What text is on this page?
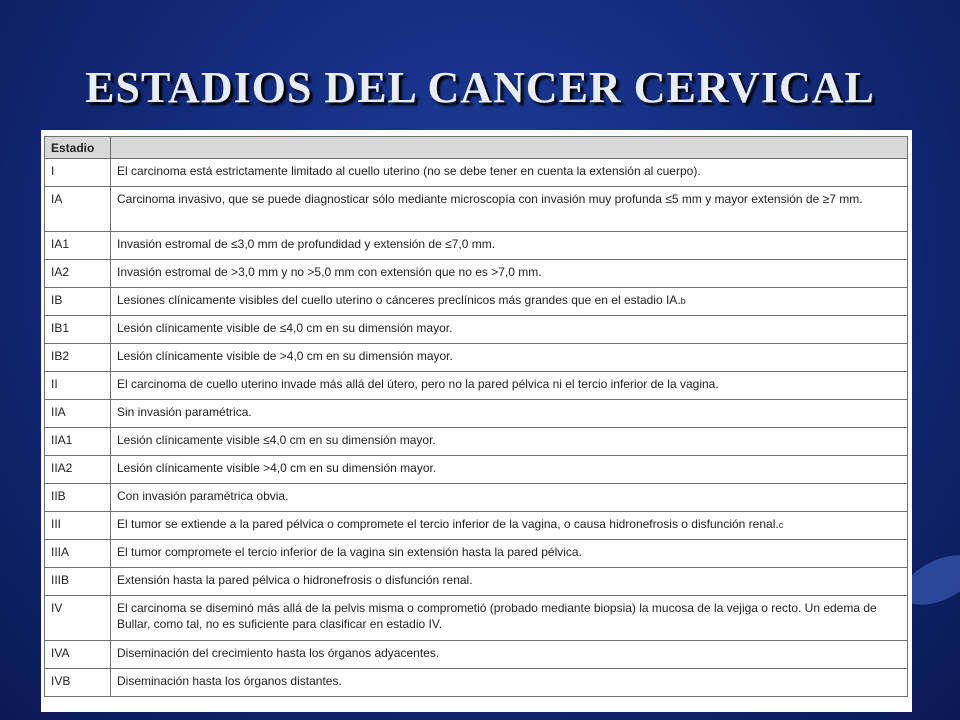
ESTADIOS DEL CANCER CERVICAL
Estadio	
I	El carcinoma está estrictamente limitado al cuello uterino (no se debe tener en cuenta la extensión al cuerpo).
IA	Carcinoma invasivo, que se puede diagnosticar sólo mediante microscopía con invasión muy profunda ≤5 mm y mayor extensión de ≥7 mm.
IA1	Invasión estromal de ≤3,0 mm de profundidad y extensión de ≤7,0 mm.
IA2	Invasión estromal de >3,0 mm y no >5,0 mm con extensión que no es >7,0 mm.
IB	Lesiones clínicamente visibles del cuello uterino o cánceres preclínicos más grandes que en el estadio IA.b
IB1	Lesión clínicamente visible de ≤4,0 cm en su dimensión mayor.
IB2	Lesión clínicamente visible de >4,0 cm en su dimensión mayor.
II	El carcinoma de cuello uterino invade más allá del útero, pero no la pared pélvica ni el tercio inferior de la vagina.
IIA	Sin invasión paramétrica.
IIA1	Lesión clínicamente visible ≤4,0 cm en su dimensión mayor.
IIA2	Lesión clínicamente visible >4,0 cm en su dimensión mayor.
IIB	Con invasión paramétrica obvia.
III	El tumor se extiende a la pared pélvica o compromete el tercio inferior de la vagina, o causa hidronefrosis o disfunción renal.c
IIIA	El tumor compromete el tercio inferior de la vagina sin extensión hasta la pared pélvica.
IIIB	Extensión hasta la pared pélvica o hidronefrosis o disfunción renal.
IV	El carcinoma se diseminó más allá de la pelvis misma o comprometió (probado mediante biopsia) la mucosa de la vejiga o recto. Un edema de Bullar, como tal, no es suficiente para clasificar en estadio IV.
IVA	Diseminación del crecimiento hasta los órganos adyacentes.
IVB	Diseminación hasta los órganos distantes.
